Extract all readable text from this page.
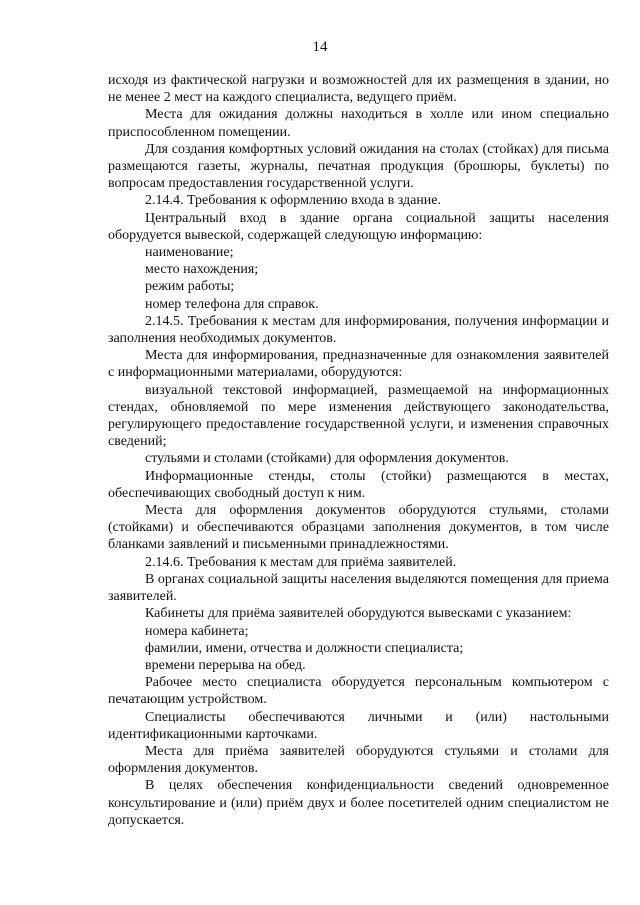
14

исходя из фактической нагрузки и возможностей для их размещения в здании, но не менее 2 мест на каждого специалиста, ведущего приём.

Места для ожидания должны находиться в холле или ином специально приспособленном помещении.

Для создания комфортных условий ожидания на столах (стойках) для письма размещаются газеты, журналы, печатная продукция (брошюры, буклеты) по вопросам предоставления государственной услуги.

2.14.4. Требования к оформлению входа в здание.

Центральный вход в здание органа социальной защиты населения оборудуется вывеской, содержащей следующую информацию:

наименование;

место нахождения;

режим работы;

номер телефона для справок.

2.14.5. Требования к местам для информирования, получения информации и заполнения необходимых документов.

Места для информирования, предназначенные для ознакомления заявителей с информационными материалами, оборудуются:

визуальной текстовой информацией, размещаемой на информационных стендах, обновляемой по мере изменения действующего законодательства, регулирующего предоставление государственной услуги, и изменения справочных сведений;

стульями и столами (стойками) для оформления документов.

Информационные стенды, столы (стойки) размещаются в местах, обеспечивающих свободный доступ к ним.

Места для оформления документов оборудуются стульями, столами (стойками) и обеспечиваются образцами заполнения документов, в том числе бланками заявлений и письменными принадлежностями.

2.14.6. Требования к местам для приёма заявителей.

В органах социальной защиты населения выделяются помещения для приема заявителей.

Кабинеты для приёма заявителей оборудуются вывесками с указанием:

номера кабинета;

фамилии, имени, отчества и должности специалиста;

времени перерыва на обед.

Рабочее место специалиста оборудуется персональным компьютером с печатающим устройством.

Специалисты обеспечиваются личными и (или) настольными идентификационными карточками.

Места для приёма заявителей оборудуются стульями и столами для оформления документов.

В целях обеспечения конфиденциальности сведений одновременное консультирование и (или) приём двух и более посетителей одним специалистом не допускается.
